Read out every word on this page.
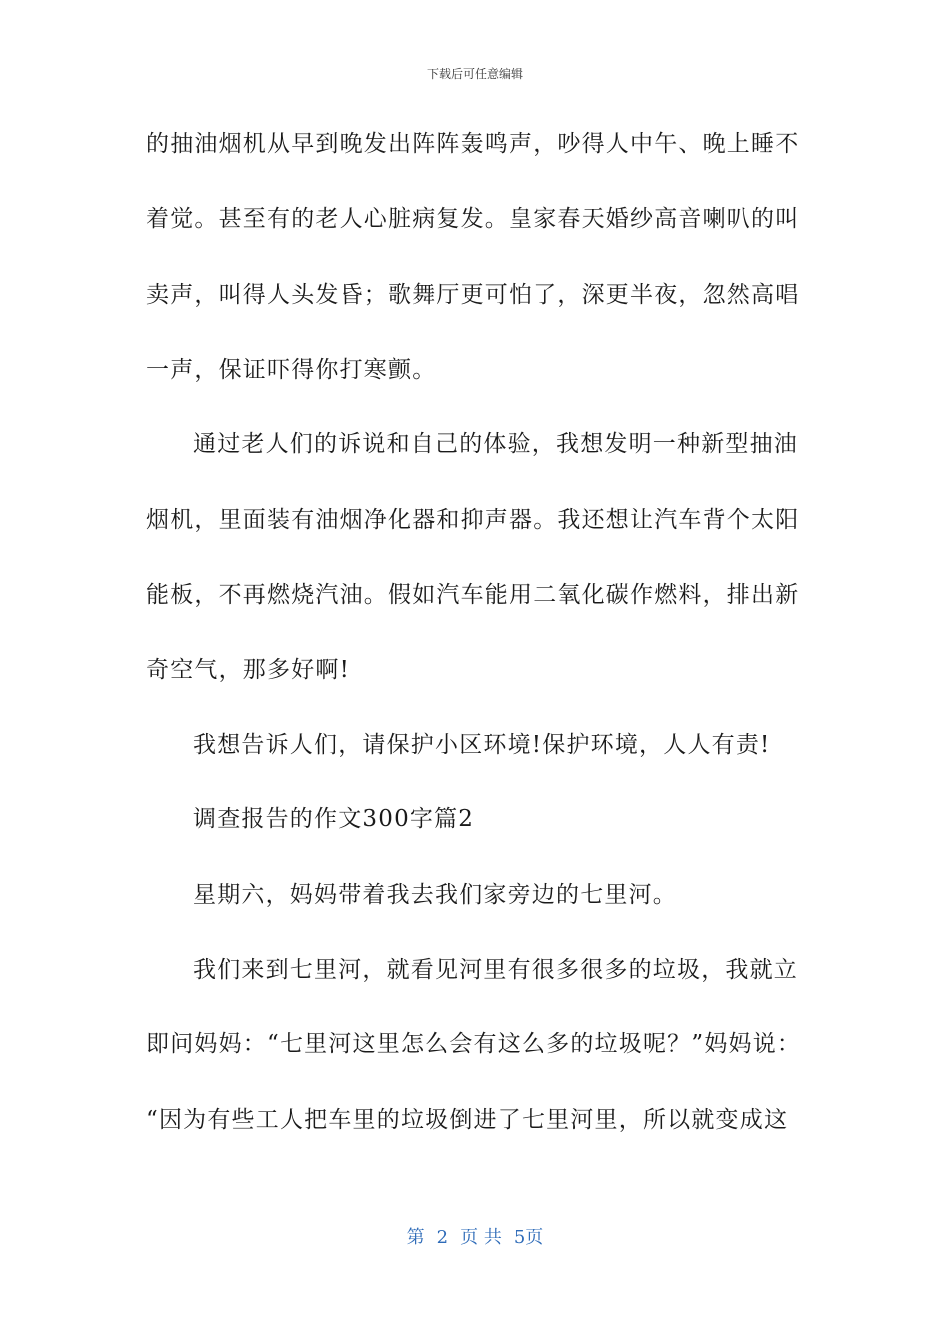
下载后可任意编辑
的抽油烟机从早到晚发出阵阵轰鸣声，吵得人中午、晚上睡不
着觉。甚至有的老人心脏病复发。皇家春天婚纱高音喇叭的叫
卖声，叫得人头发昏；歌舞厅更可怕了，深更半夜，忽然高唱
一声，保证吓得你打寒颤。
通过老人们的诉说和自己的体验，我想发明一种新型抽油
烟机，里面装有油烟净化器和抑声器。我还想让汽车背个太阳
能板，不再燃烧汽油。假如汽车能用二氧化碳作燃料，排出新
奇空气，那多好啊!
我想告诉人们，请保护小区环境!保护环境，人人有责!
调查报告的作文300字篇2
星期六，妈妈带着我去我们家旁边的七里河。
我们来到七里河，就看见河里有很多很多的垃圾，我就立
即问妈妈：“七里河这里怎么会有这么多的垃圾呢？”妈妈说：
“因为有些工人把车里的垃圾倒进了七里河里，所以就变成这
第 2 页 共 5页
